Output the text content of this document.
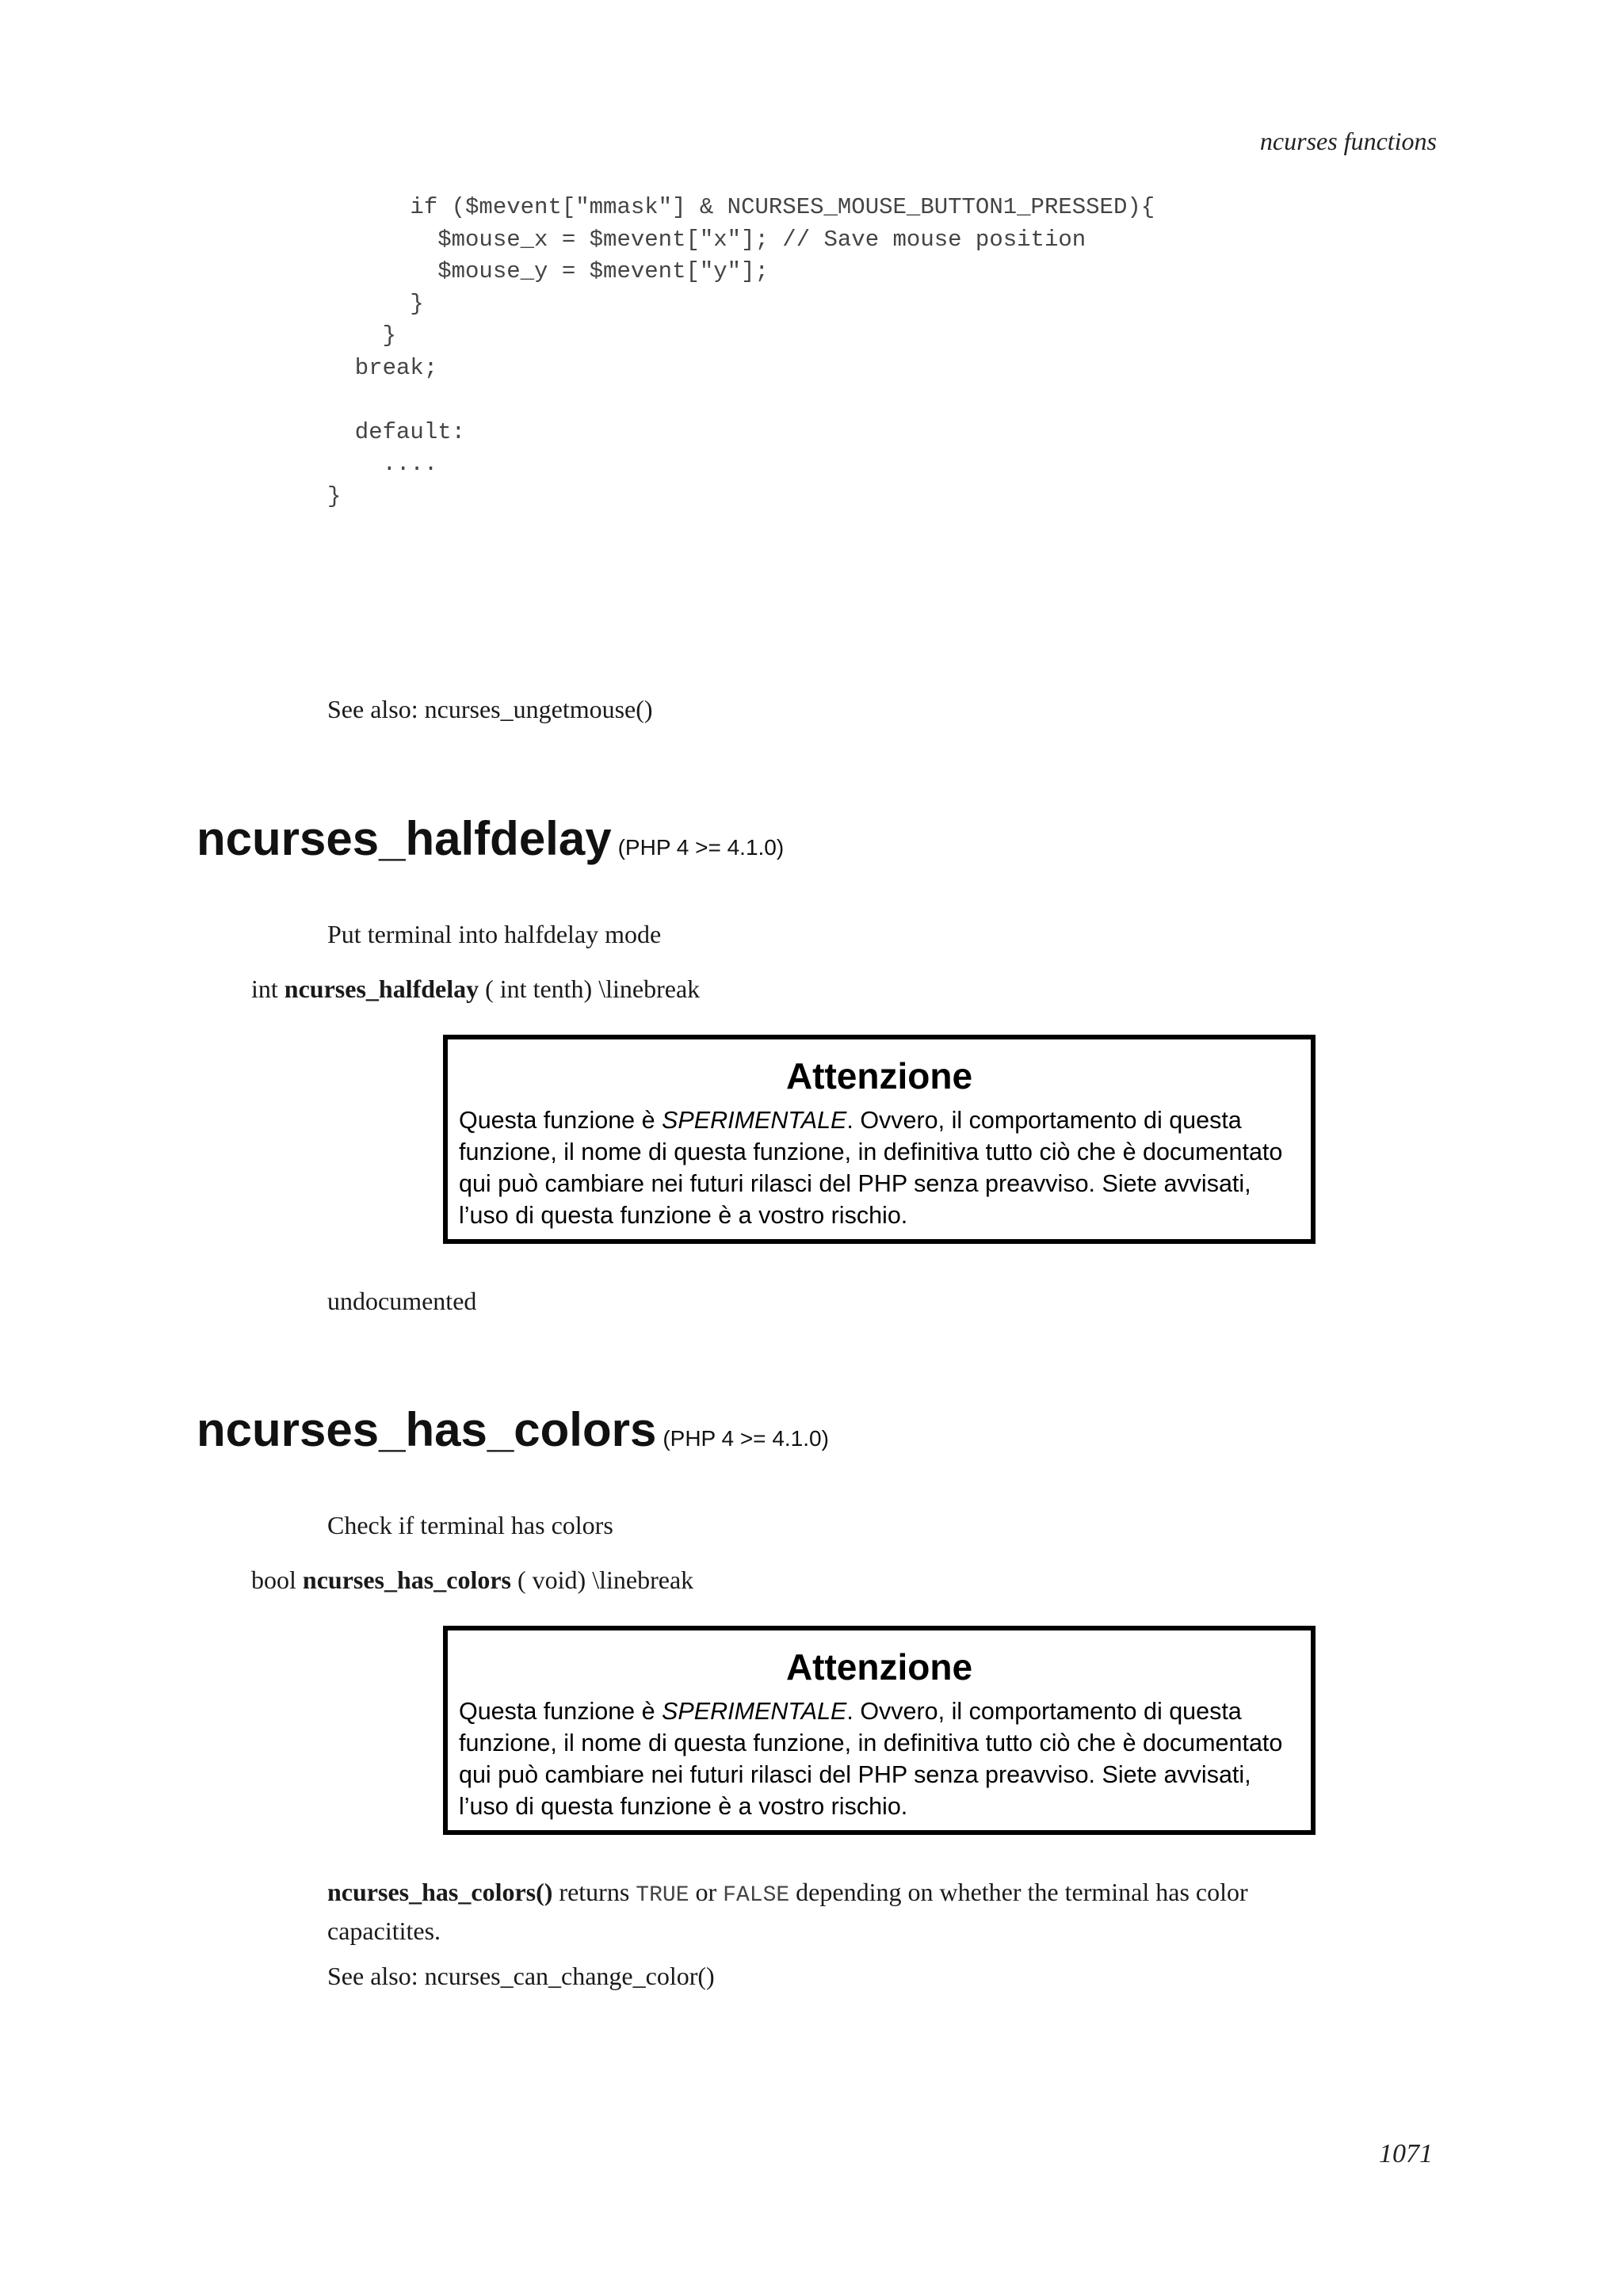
ncurses functions
if ($mevent["mmask"] & NCURSES_MOUSE_BUTTON1_PRESSED){
$mouse_x = $mevent["x"]; // Save mouse position
$mouse_y = $mevent["y"];
}
}
break;

default:
....
}
See also: ncurses_ungetmouse()
ncurses_halfdelay (PHP 4 >= 4.1.0)
Put terminal into halfdelay mode
int ncurses_halfdelay ( int tenth) \linebreak
Attenzione
Questa funzione è SPERIMENTALE. Ovvero, il comportamento di questa funzione, il nome di questa funzione, in definitiva tutto ciò che è documentato qui può cambiare nei futuri rilasci del PHP senza preavviso. Siete avvisati, l’uso di questa funzione è a vostro rischio.
undocumented
ncurses_has_colors (PHP 4 >= 4.1.0)
Check if terminal has colors
bool ncurses_has_colors ( void) \linebreak
Attenzione
Questa funzione è SPERIMENTALE. Ovvero, il comportamento di questa funzione, il nome di questa funzione, in definitiva tutto ciò che è documentato qui può cambiare nei futuri rilasci del PHP senza preavviso. Siete avvisati, l’uso di questa funzione è a vostro rischio.
ncurses_has_colors() returns TRUE or FALSE depending on whether the terminal has color capacitites.
See also: ncurses_can_change_color()
1071
